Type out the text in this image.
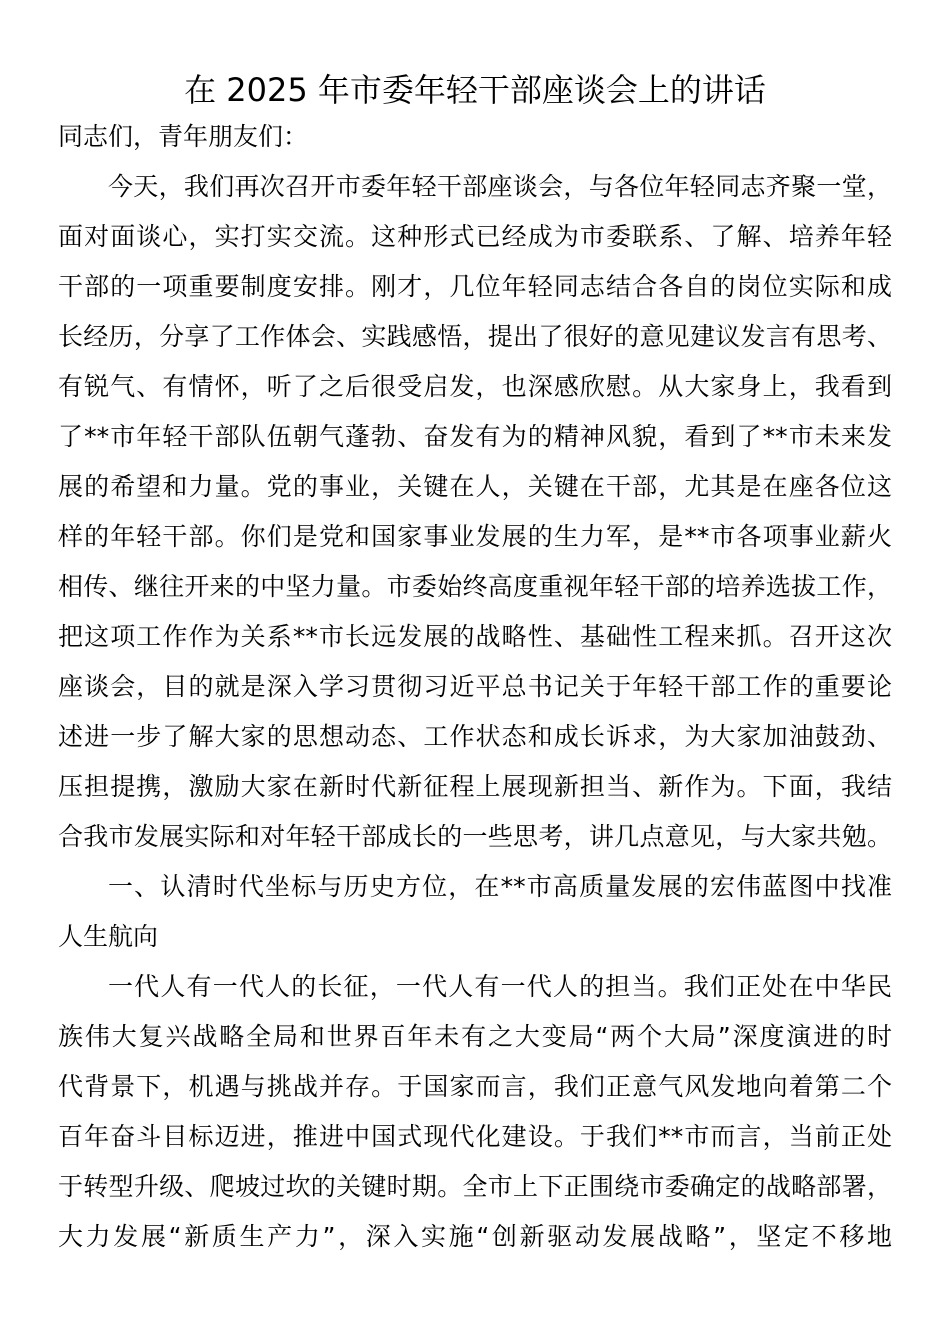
在 2025 年市委年轻干部座谈会上的讲话
同志们，青年朋友们：
今天，我们再次召开市委年轻干部座谈会，与各位年轻同志齐聚一堂，
面对面谈心，实打实交流。这种形式已经成为市委联系、了解、培养年轻
干部的一项重要制度安排。刚才，几位年轻同志结合各自的岗位实际和成
长经历，分享了工作体会、实践感悟，提出了很好的意见建议发言有思考、
有锐气、有情怀，听了之后很受启发，也深感欣慰。从大家身上，我看到
了**市年轻干部队伍朝气蓬勃、奋发有为的精神风貌，看到了**市未来发
展的希望和力量。党的事业，关键在人，关键在干部，尤其是在座各位这
样的年轻干部。你们是党和国家事业发展的生力军，是**市各项事业薪火
相传、继往开来的中坚力量。市委始终高度重视年轻干部的培养选拔工作，
把这项工作作为关系**市长远发展的战略性、基础性工程来抓。召开这次
座谈会，目的就是深入学习贯彻习近平总书记关于年轻干部工作的重要论
述进一步了解大家的思想动态、工作状态和成长诉求，为大家加油鼓劲、
压担提携，激励大家在新时代新征程上展现新担当、新作为。下面，我结
合我市发展实际和对年轻干部成长的一些思考，讲几点意见，与大家共勉。
一、认清时代坐标与历史方位，在**市高质量发展的宏伟蓝图中找准
人生航向
一代人有一代人的长征，一代人有一代人的担当。我们正处在中华民
族伟大复兴战略全局和世界百年未有之大变局“两个大局”深度演进的时
代背景下，机遇与挑战并存。于国家而言，我们正意气风发地向着第二个
百年奋斗目标迈进，推进中国式现代化建设。于我们**市而言，当前正处
于转型升级、爬坡过坎的关键时期。全市上下正围绕市委确定的战略部署，
大力发展“新质生产力”，深入实施“创新驱动发展战略”，坚定不移地
